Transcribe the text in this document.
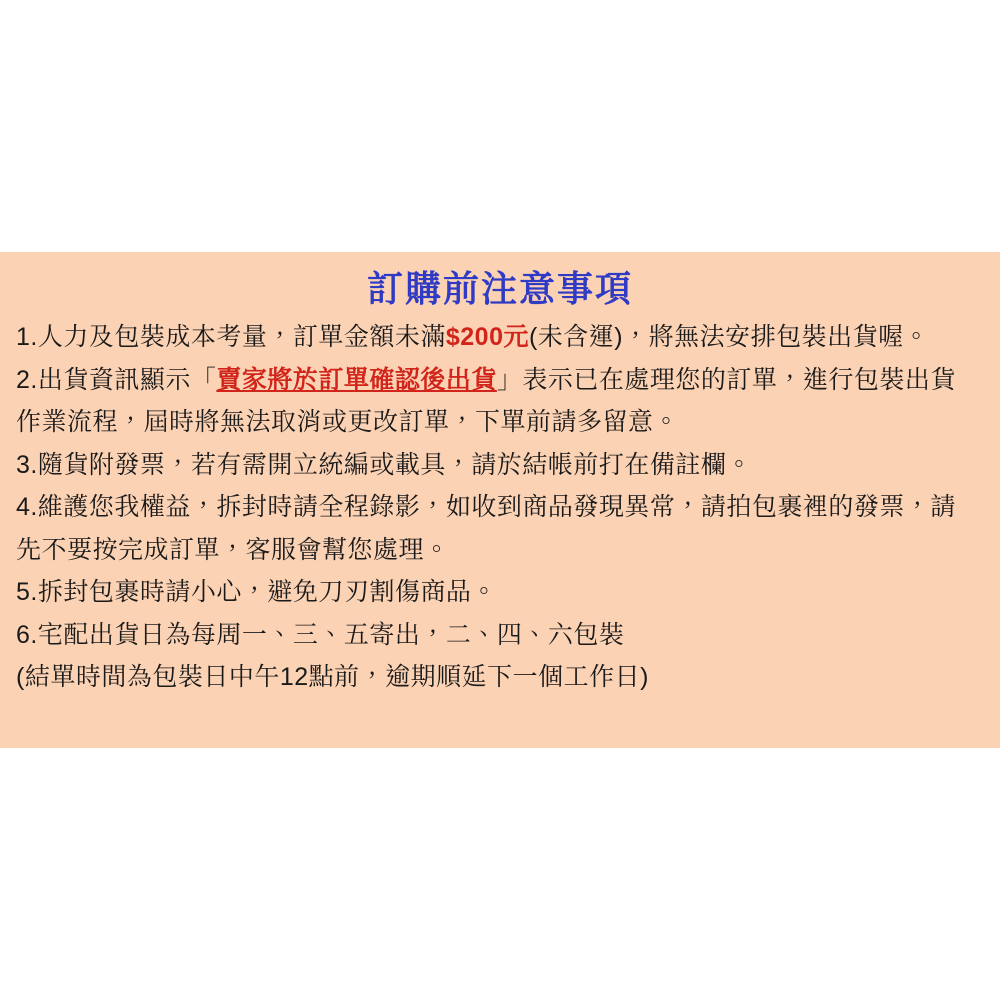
訂購前注意事項

1.人力及包裝成本考量，訂單金額未滿$200元(未含運)，將無法安排包裝出貨喔。

2.出貨資訊顯示「賣家將於訂單確認後出貨」表示已在處理您的訂單，進行包裝出貨

作業流程，屆時將無法取消或更改訂單，下單前請多留意。

3.隨貨附發票，若有需開立統編或載具，請於結帳前打在備註欄。

4.維護您我權益，拆封時請全程錄影，如收到商品發現異常，請拍包裹裡的發票，請

先不要按完成訂單，客服會幫您處理。

5.拆封包裹時請小心，避免刀刃割傷商品。

6.宅配出貨日為每周一、三、五寄出，二、四、六包裝

(結單時間為包裝日中午12點前，逾期順延下一個工作日)
